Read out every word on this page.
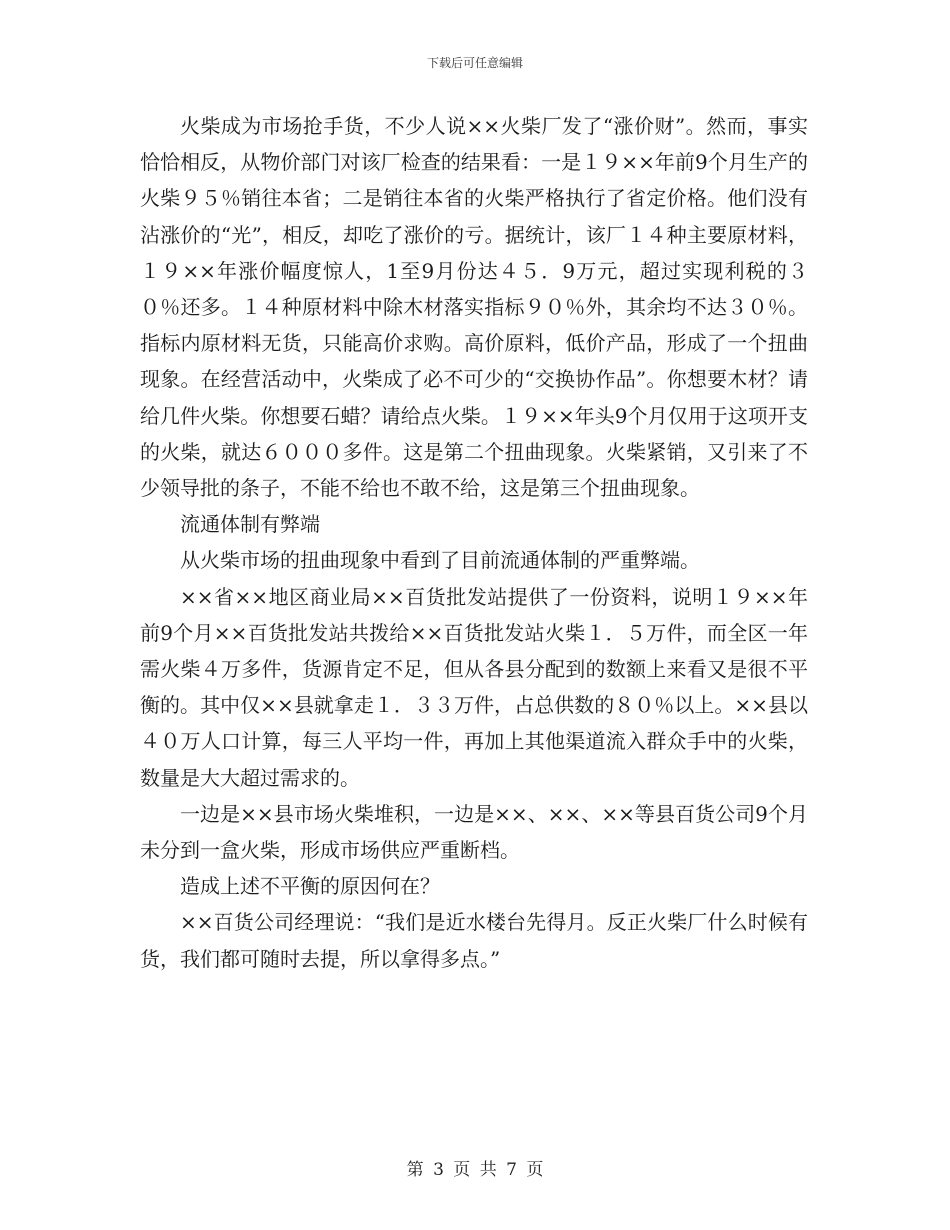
下载后可任意编辑

火柴成为市场抢手货，不少人说××火柴厂发了“涨价财”。然而，事实恰恰相反，从物价部门对该厂检查的结果看：一是１９××年前9个月生产的火柴９５％销往本省；二是销往本省的火柴严格执行了省定价格。他们没有沾涨价的“光”，相反，却吃了涨价的亏。据统计，该厂１４种主要原材料，１９××年涨价幅度惊人，1至9月份达４５．9万元，超过实现利税的３０％还多。１４种原材料中除木材落实指标９０％外，其余均不达３０％。指标内原材料无货，只能高价求购。高价原料，低价产品，形成了一个扭曲现象。在经营活动中，火柴成了必不可少的“交换协作品”。你想要木材？请给几件火柴。你想要石蜡？请给点火柴。１９××年头9个月仅用于这项开支的火柴，就达６０００多件。这是第二个扭曲现象。火柴紧销，又引来了不少领导批的条子，不能不给也不敢不给，这是第三个扭曲现象。

流通体制有弊端

从火柴市场的扭曲现象中看到了目前流通体制的严重弊端。

××省××地区商业局××百货批发站提供了一份资料，说明１９××年前9个月××百货批发站共拨给××百货批发站火柴１．５万件，而全区一年需火柴４万多件，货源肯定不足，但从各县分配到的数额上来看又是很不平衡的。其中仅××县就拿走１．３３万件，占总供数的８０％以上。××县以４０万人口计算，每三人平均一件，再加上其他渠道流入群众手中的火柴，数量是大大超过需求的。

一边是××县市场火柴堆积，一边是××、××、××等县百货公司9个月未分到一盒火柴，形成市场供应严重断档。

造成上述不平衡的原因何在？

××百货公司经理说：“我们是近水楼台先得月。反正火柴厂什么时候有货，我们都可随时去提，所以拿得多点。”

第 3 页 共 7 页
